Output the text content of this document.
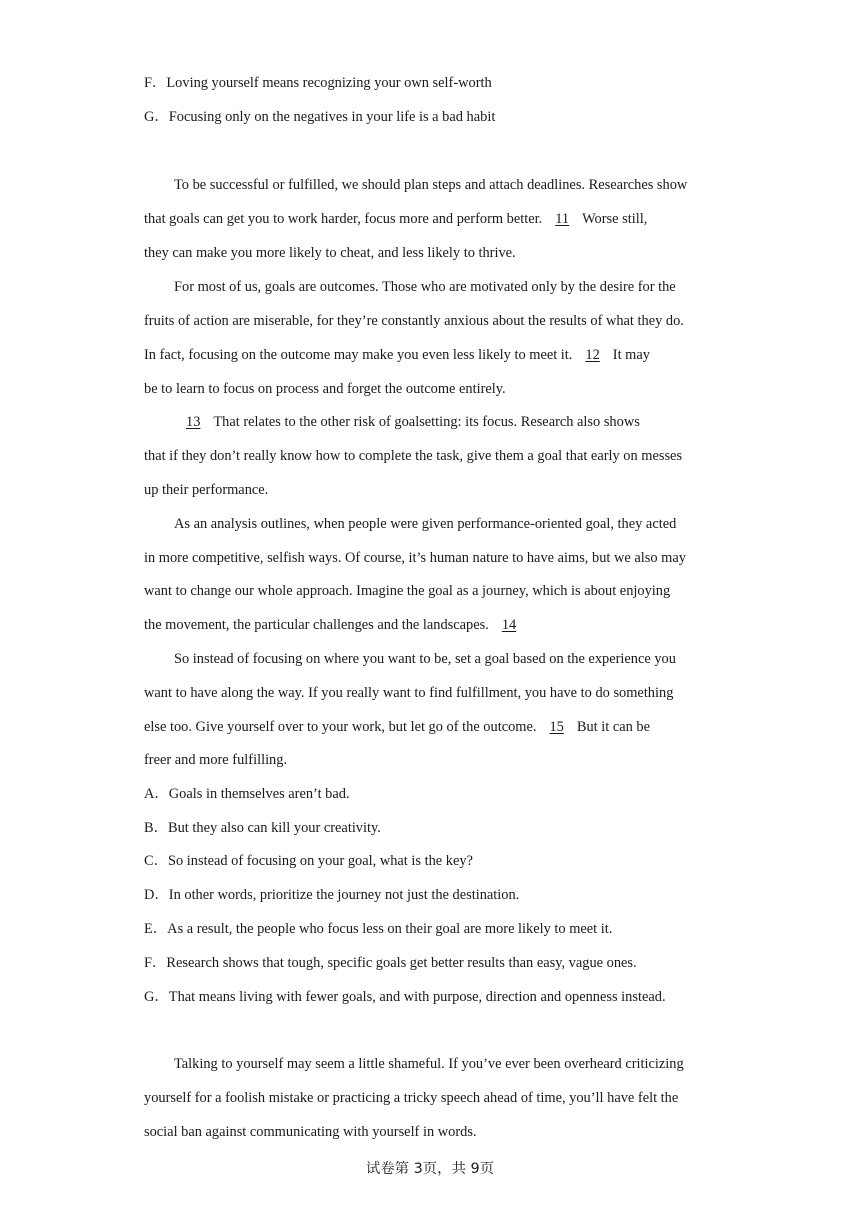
F．Loving yourself means recognizing your own self-worth
G．Focusing only on the negatives in your life is a bad habit
To be successful or fulfilled, we should plan steps and attach deadlines. Researches show
that goals can get you to work harder, focus more and perform better. 11 Worse still,
they can make you more likely to cheat, and less likely to thrive.
For most of us, goals are outcomes. Those who are motivated only by the desire for the
fruits of action are miserable, for they’re constantly anxious about the results of what they do.
In fact, focusing on the outcome may make you even less likely to meet it. 12 It may
be to learn to focus on process and forget the outcome entirely.
13 That relates to the other risk of goalsetting: its focus. Research also shows
that if they don’t really know how to complete the task, give them a goal that early on messes
up their performance.
As an analysis outlines, when people were given performance-oriented goal, they acted
in more competitive, selfish ways. Of course, it’s human nature to have aims, but we also may
want to change our whole approach. Imagine the goal as a journey, which is about enjoying
the movement, the particular challenges and the landscapes. 14
So instead of focusing on where you want to be, set a goal based on the experience you
want to have along the way. If you really want to find fulfillment, you have to do something
else too. Give yourself over to your work, but let go of the outcome. 15 But it can be
freer and more fulfilling.
A．Goals in themselves aren’t bad.
B．But they also can kill your creativity.
C．So instead of focusing on your goal, what is the key?
D．In other words, prioritize the journey not just the destination.
E．As a result, the people who focus less on their goal are more likely to meet it.
F．Research shows that tough, specific goals get better results than easy, vague ones.
G．That means living with fewer goals, and with purpose, direction and openness instead.
Talking to yourself may seem a little shameful. If you’ve ever been overheard criticizing
yourself for a foolish mistake or practicing a tricky speech ahead of time, you’ll have felt the
social ban against communicating with yourself in words.
试卷第 3页，共 9页
